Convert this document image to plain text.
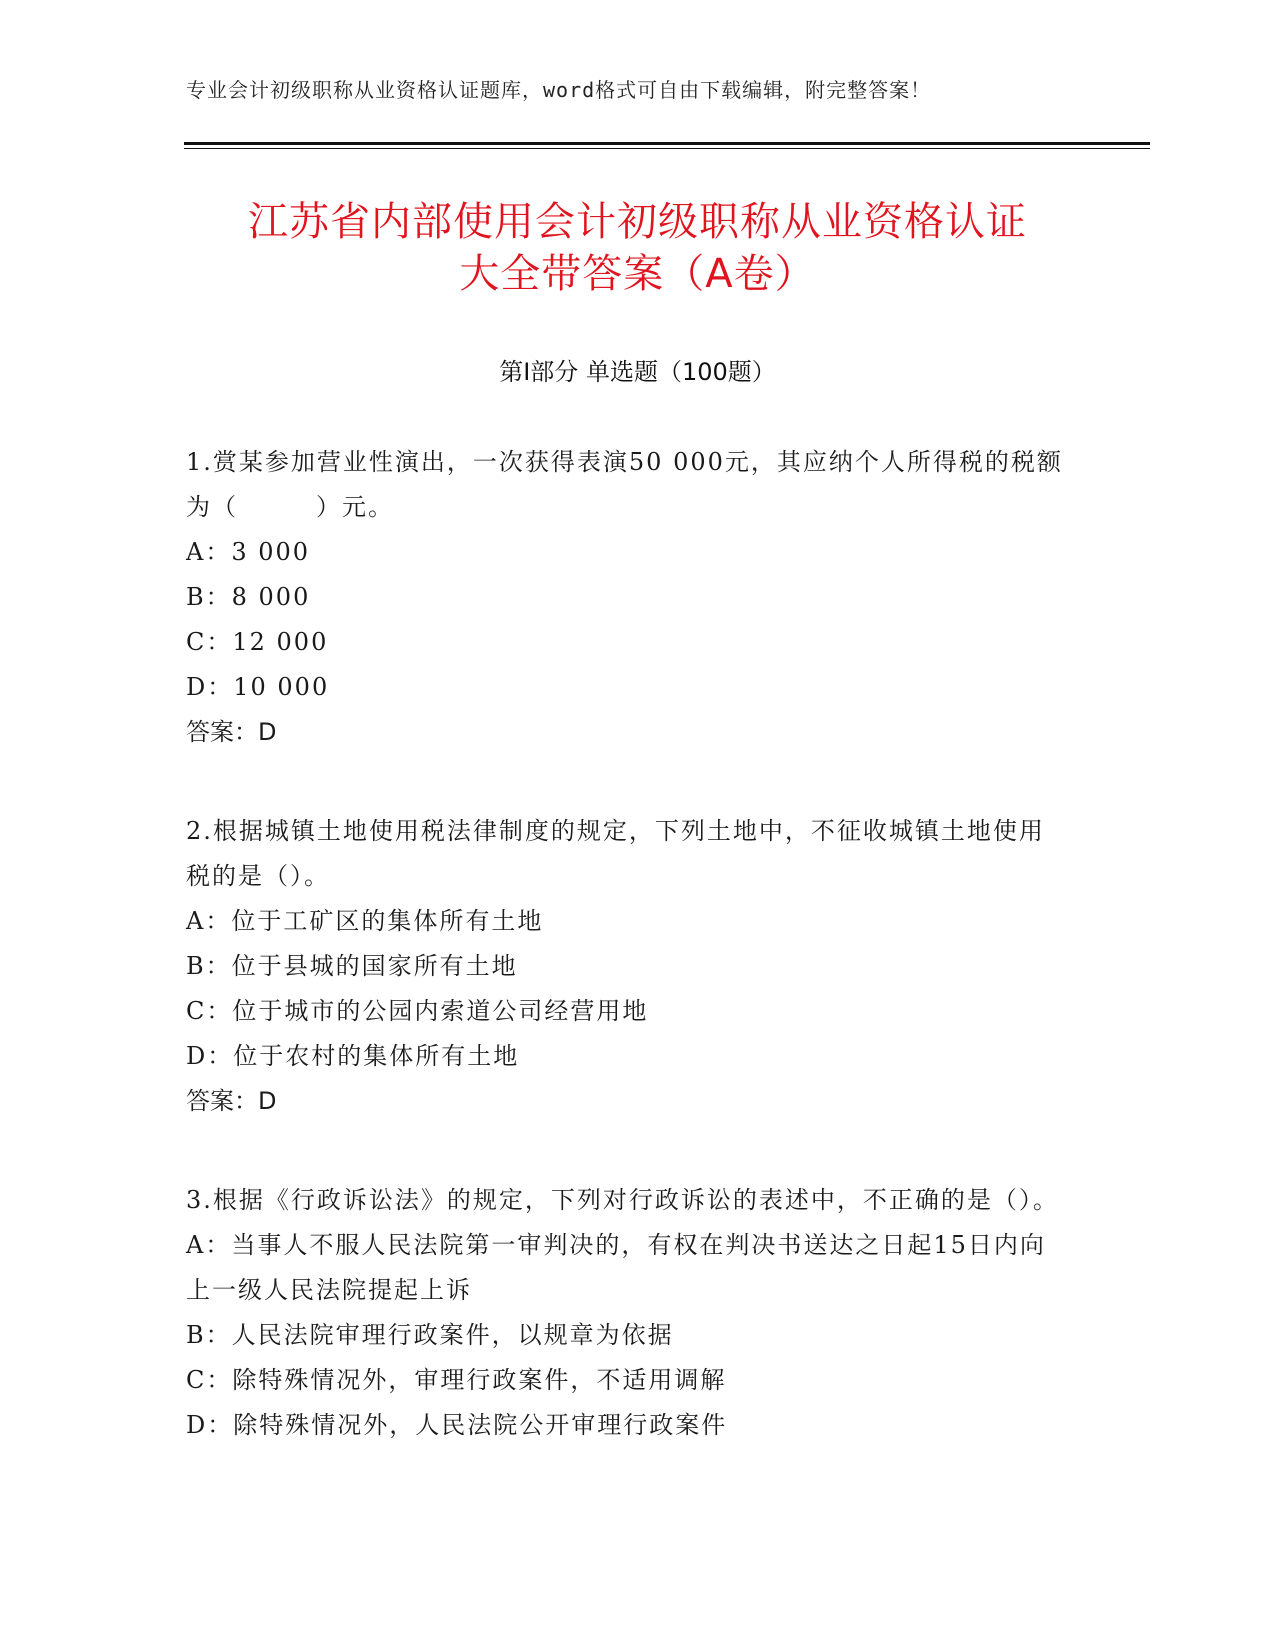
专业会计初级职称从业资格认证题库，word格式可自由下载编辑，附完整答案！
江苏省内部使用会计初级职称从业资格认证
大全带答案（A卷）
第Ⅰ部分 单选题（100题）

1.赏某参加营业性演出，一次获得表演50 000元，其应纳个人所得税的税额为（　　　）元。

A：3 000

B：8 000

C：12 000

D：10 000

答案：D

2.根据城镇土地使用税法律制度的规定，下列土地中，不征收城镇土地使用税的是（）。

A：位于工矿区的集体所有土地

B：位于县城的国家所有土地

C：位于城市的公园内索道公司经营用地

D：位于农村的集体所有土地

答案：D

3.根据《行政诉讼法》的规定，下列对行政诉讼的表述中，不正确的是（）。

A：当事人不服人民法院第一审判决的，有权在判决书送达之日起15日内向上一级人民法院提起上诉

B：人民法院审理行政案件，以规章为依据

C：除特殊情况外，审理行政案件，不适用调解

D：除特殊情况外，人民法院公开审理行政案件
